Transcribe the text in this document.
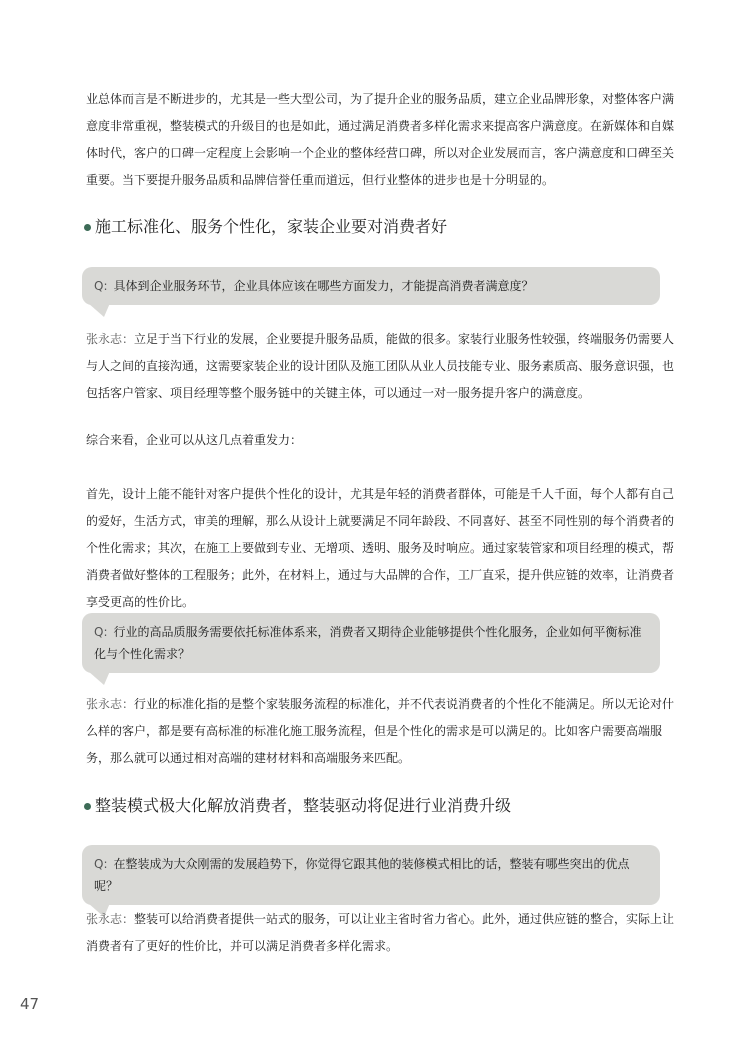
业总体而言是不断进步的，尤其是一些大型公司，为了提升企业的服务品质，建立企业品牌形象，对整体客户满意度非常重视，整装模式的升级目的也是如此，通过满足消费者多样化需求来提高客户满意度。在新媒体和自媒体时代，客户的口碑一定程度上会影响一个企业的整体经营口碑，所以对企业发展而言，客户满意度和口碑至关重要。当下要提升服务品质和品牌信誉任重而道远，但行业整体的进步也是十分明显的。

施工标准化、服务个性化，家装企业要对消费者好
Q: 具体到企业服务环节，企业具体应该在哪些方面发力，才能提高消费者满意度？

张永志：立足于当下行业的发展，企业要提升服务品质，能做的很多。家装行业服务性较强，终端服务仍需要人与人之间的直接沟通，这需要家装企业的设计团队及施工团队从业人员技能专业、服务素质高、服务意识强，也包括客户管家、项目经理等整个服务链中的关键主体，可以通过一对一服务提升客户的满意度。

综合来看，企业可以从这几点着重发力：

首先，设计上能不能针对客户提供个性化的设计，尤其是年轻的消费者群体，可能是千人千面，每个人都有自己的爱好，生活方式，审美的理解，那么从设计上就要满足不同年龄段、不同喜好、甚至不同性别的每个消费者的个性化需求；其次，在施工上要做到专业、无增项、透明、服务及时响应。通过家装管家和项目经理的模式，帮消费者做好整体的工程服务；此外，在材料上，通过与大品牌的合作，工厂直采，提升供应链的效率，让消费者享受更高的性价比。

Q: 行业的高品质服务需要依托标准体系来，消费者又期待企业能够提供个性化服务，企业如何平衡标准化与个性化需求？

张永志：行业的标准化指的是整个家装服务流程的标准化，并不代表说消费者的个性化不能满足。所以无论对什么样的客户，都是要有高标准的标准化施工服务流程，但是个性化的需求是可以满足的。比如客户需要高端服务，那么就可以通过相对高端的建材材料和高端服务来匹配。

整装模式极大化解放消费者，整装驱动将促进行业消费升级
Q: 在整装成为大众刚需的发展趋势下，你觉得它跟其他的装修模式相比的话，整装有哪些突出的优点呢？

张永志：整装可以给消费者提供一站式的服务，可以让业主省时省力省心。此外，通过供应链的整合，实际上让消费者有了更好的性价比，并可以满足消费者多样化需求。

47
